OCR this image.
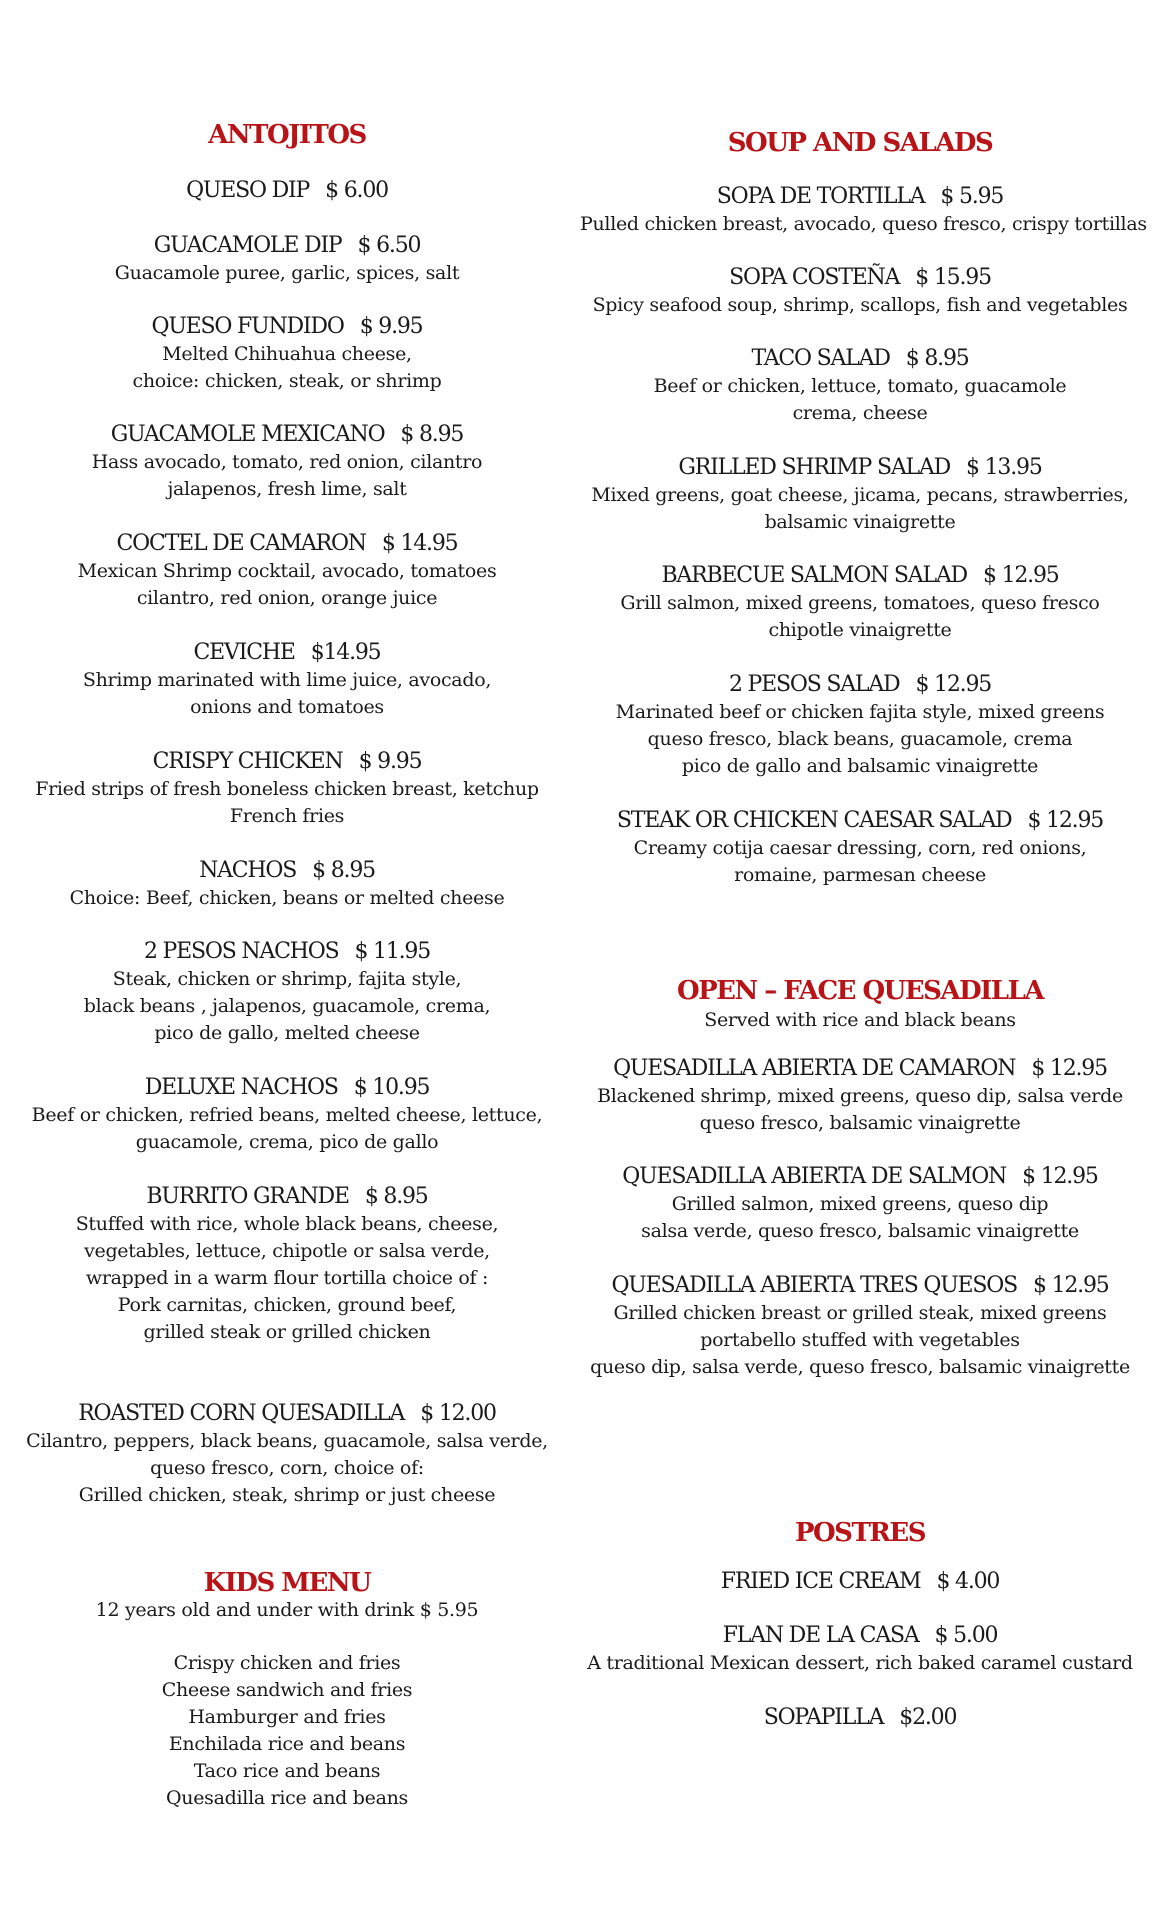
ANTOJITOS
QUESO DIP $ 6.00
GUACAMOLE DIP $ 6.50
Guacamole puree, garlic, spices, salt
QUESO FUNDIDO $ 9.95
Melted Chihuahua cheese,
choice: chicken, steak, or shrimp
GUACAMOLE MEXICANO $ 8.95
Hass avocado, tomato, red onion, cilantro
jalapenos, fresh lime, salt
COCTEL DE CAMARON $ 14.95
Mexican Shrimp cocktail, avocado, tomatoes
cilantro, red onion, orange juice
CEVICHE $14.95
Shrimp marinated with lime juice, avocado,
onions and tomatoes
CRISPY CHICKEN $ 9.95
Fried strips of fresh boneless chicken breast, ketchup
French fries
NACHOS $ 8.95
Choice: Beef, chicken, beans or melted cheese
2 PESOS NACHOS $ 11.95
Steak, chicken or shrimp, fajita style,
black beans , jalapenos, guacamole, crema,
pico de gallo, melted cheese
DELUXE NACHOS $ 10.95
Beef or chicken, refried beans, melted cheese, lettuce,
guacamole, crema, pico de gallo
BURRITO GRANDE $ 8.95
Stuffed with rice, whole black beans, cheese,
vegetables, lettuce, chipotle or salsa verde,
wrapped in a warm flour tortilla choice of :
Pork carnitas, chicken, ground beef,
grilled steak or grilled chicken
ROASTED CORN QUESADILLA $ 12.00
Cilantro, peppers, black beans, guacamole, salsa verde,
queso fresco, corn, choice of:
Grilled chicken, steak, shrimp or just cheese
KIDS MENU
12 years old and under with drink $ 5.95
Crispy chicken and fries
Cheese sandwich and fries
Hamburger and fries
Enchilada rice and beans
Taco rice and beans
Quesadilla rice and beans
SOUP AND SALADS
SOPA DE TORTILLA $ 5.95
Pulled chicken breast, avocado, queso fresco, crispy tortillas
SOPA COSTEÑA $ 15.95
Spicy seafood soup, shrimp, scallops, fish and vegetables
TACO SALAD $ 8.95
Beef or chicken, lettuce, tomato, guacamole
crema, cheese
GRILLED SHRIMP SALAD $ 13.95
Mixed greens, goat cheese, jicama, pecans, strawberries,
balsamic vinaigrette
BARBECUE SALMON SALAD $ 12.95
Grill salmon, mixed greens, tomatoes, queso fresco
chipotle vinaigrette
2 PESOS SALAD $ 12.95
Marinated beef or chicken fajita style, mixed greens
queso fresco, black beans, guacamole, crema
pico de gallo and balsamic vinaigrette
STEAK OR CHICKEN CAESAR SALAD $ 12.95
Creamy cotija caesar dressing, corn, red onions,
romaine, parmesan cheese
OPEN – FACE QUESADILLA
Served with rice and black beans
QUESADILLA ABIERTA DE CAMARON $ 12.95
Blackened shrimp, mixed greens, queso dip, salsa verde
queso fresco, balsamic vinaigrette
QUESADILLA ABIERTA DE SALMON $ 12.95
Grilled salmon, mixed greens, queso dip
salsa verde, queso fresco, balsamic vinaigrette
QUESADILLA ABIERTA TRES QUESOS $ 12.95
Grilled chicken breast or grilled steak, mixed greens
portabello stuffed with vegetables
queso dip, salsa verde, queso fresco, balsamic vinaigrette
POSTRES
FRIED ICE CREAM $ 4.00
FLAN DE LA CASA $ 5.00
A traditional Mexican dessert, rich baked caramel custard
SOPAPILLA $2.00
